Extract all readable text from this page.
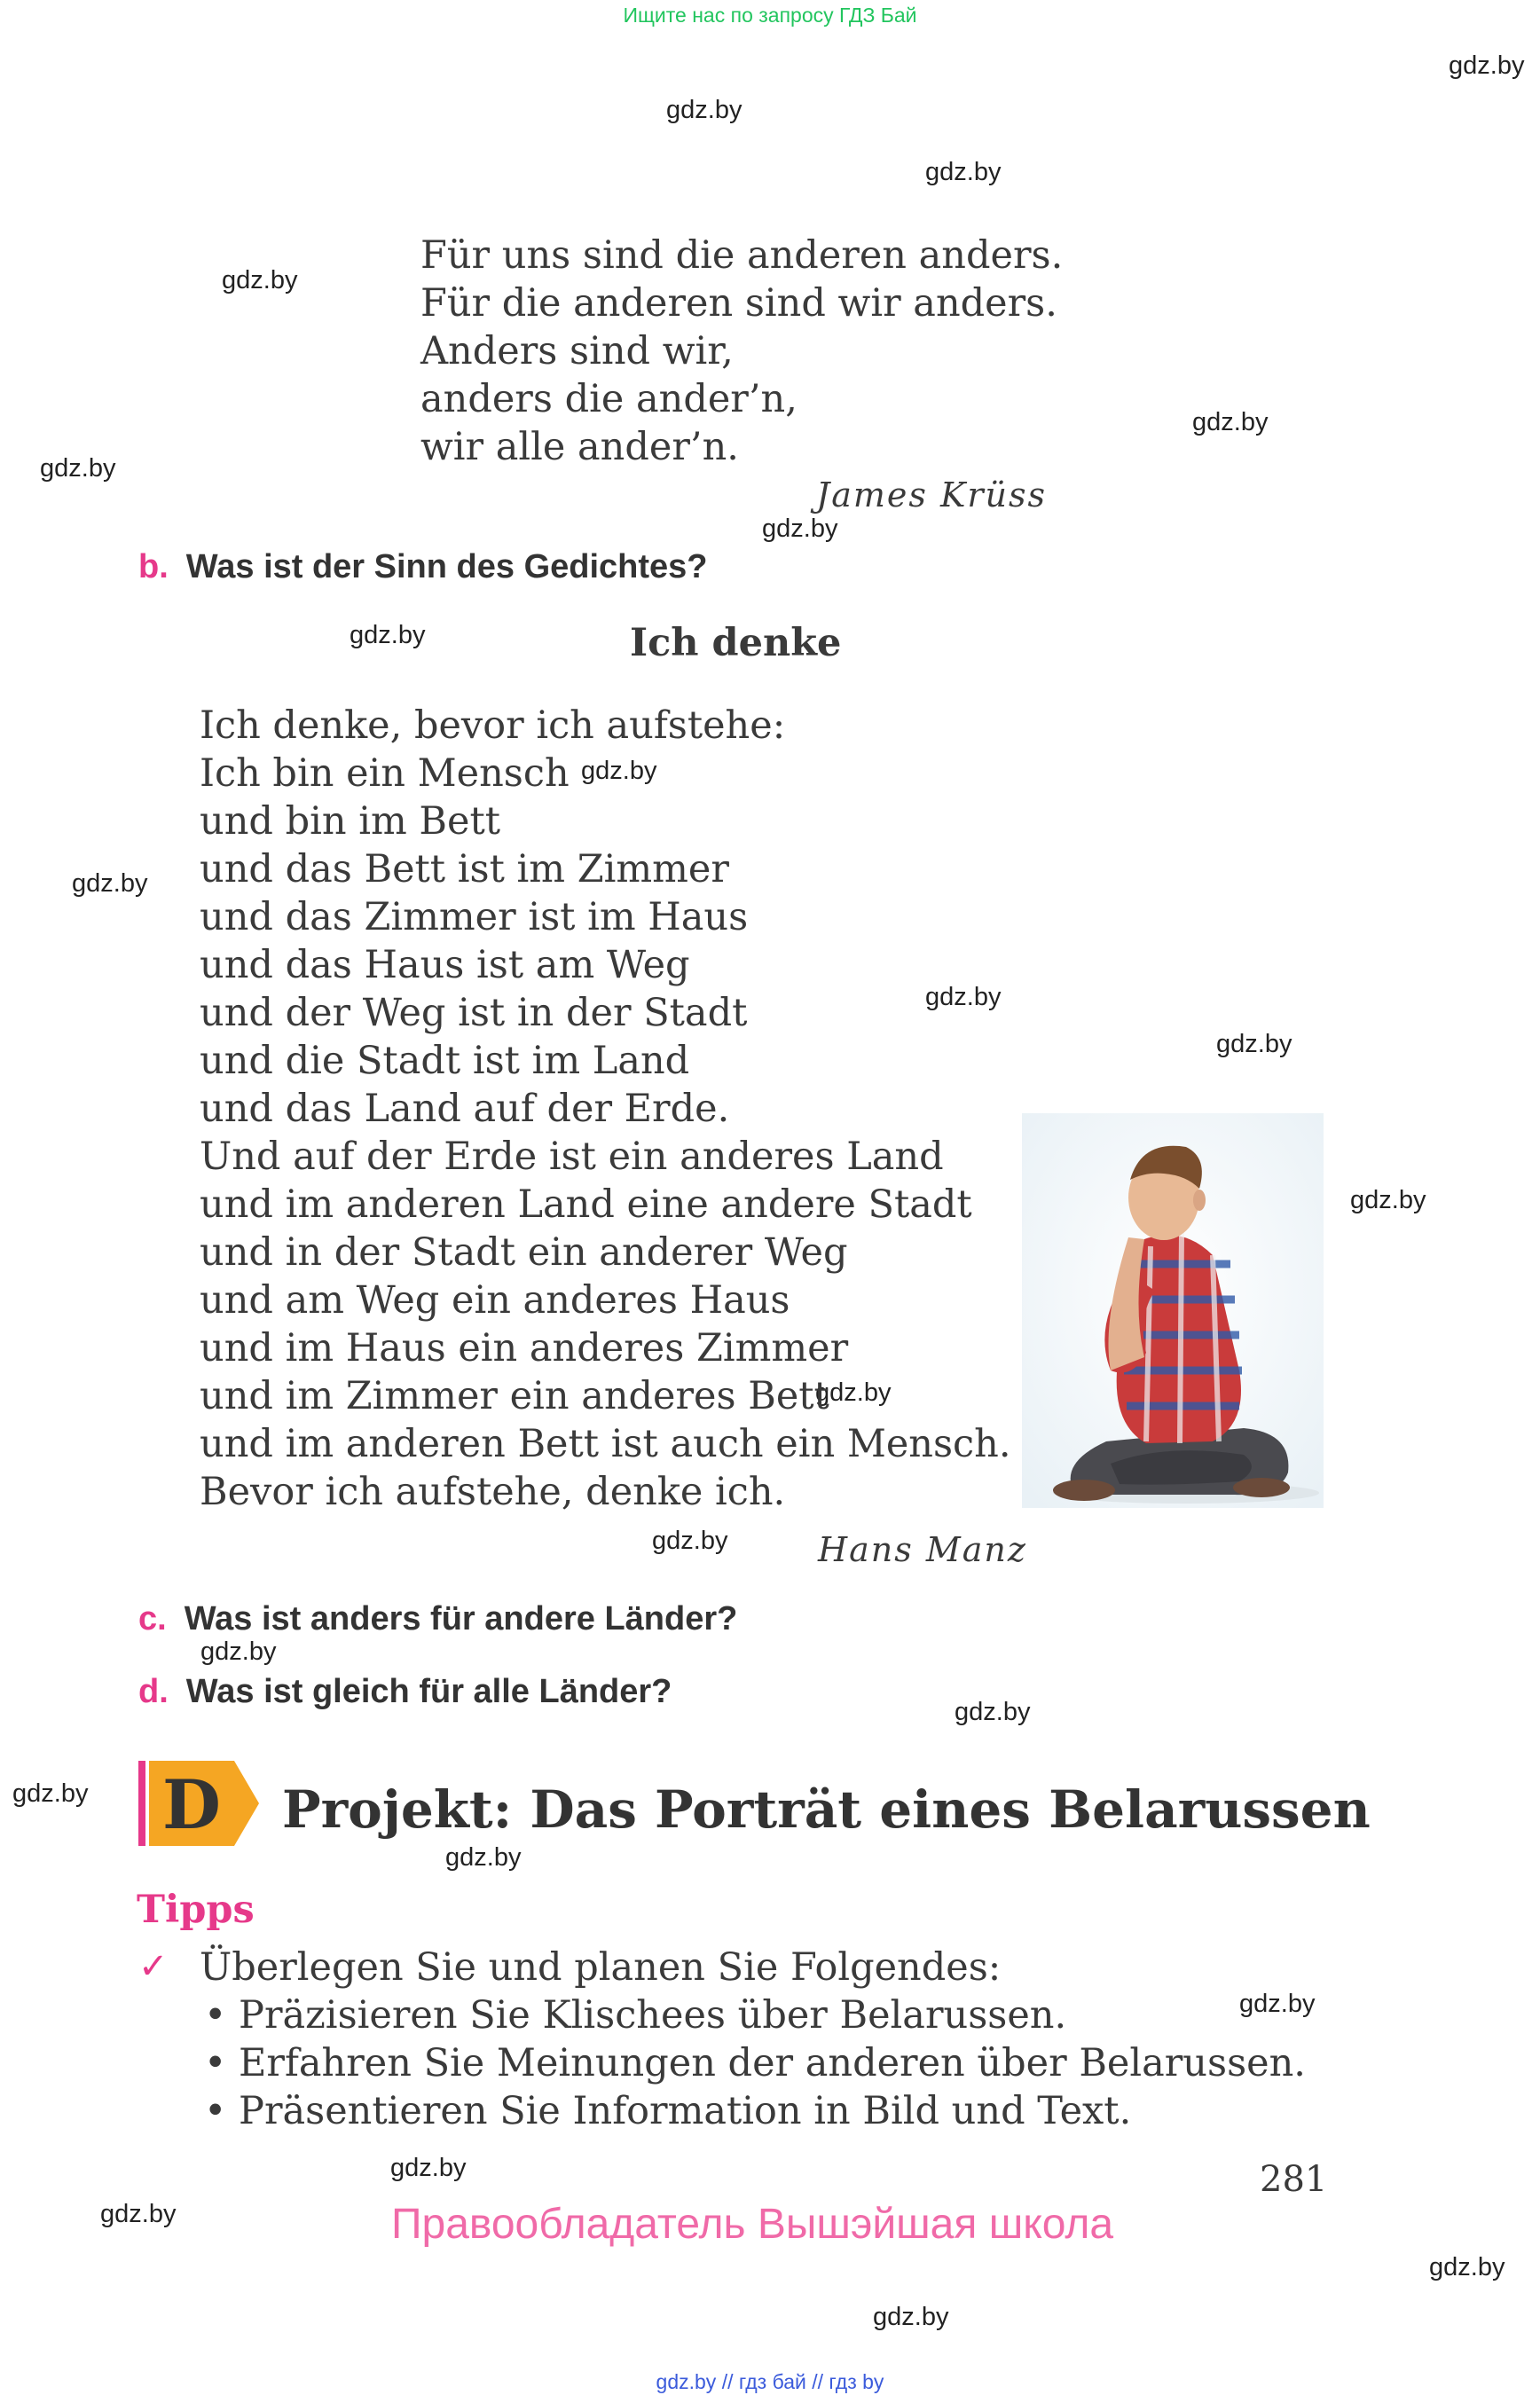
Ищите нас по запросу ГДЗ Бай
gdz.by
gdz.by
gdz.by
gdz.by
gdz.by
gdz.by
gdz.by
gdz.by
gdz.by
gdz.by
gdz.by
gdz.by
gdz.by
gdz.by
gdz.by
gdz.by
gdz.by
gdz.by
gdz.by
gdz.by
gdz.by
gdz.by
gdz.by
gdz.by
Für uns sind die anderen anders.
Für die anderen sind wir anders.
Anders sind wir,
anders die ander’n,
wir alle ander’n.
James Krüss
b. Was ist der Sinn des Gedichtes?
Ich denke
Ich denke, bevor ich aufstehe:
Ich bin ein Mensch
und bin im Bett
und das Bett ist im Zimmer
und das Zimmer ist im Haus
und das Haus ist am Weg
und der Weg ist in der Stadt
und die Stadt ist im Land
und das Land auf der Erde.
Und auf der Erde ist ein anderes Land
und im anderen Land eine andere Stadt
und in der Stadt ein anderer Weg
und am Weg ein anderes Haus
und im Haus ein anderes Zimmer
und im Zimmer ein anderes Bett
und im anderen Bett ist auch ein Mensch.
Bevor ich aufstehe, denke ich.
Hans Manz
c. Was ist anders für andere Länder?
d. Was ist gleich für alle Länder?
D Projekt: Das Porträt eines Belarussen
Tipps
✓ Überlegen Sie und planen Sie Folgendes:
• Präzisieren Sie Klischees über Belarussen.
• Erfahren Sie Meinungen der anderen über Belarussen.
• Präsentieren Sie Information in Bild und Text.
281
Правообладатель Вышэйшая школа
gdz.by // гдз бай // гдз by
